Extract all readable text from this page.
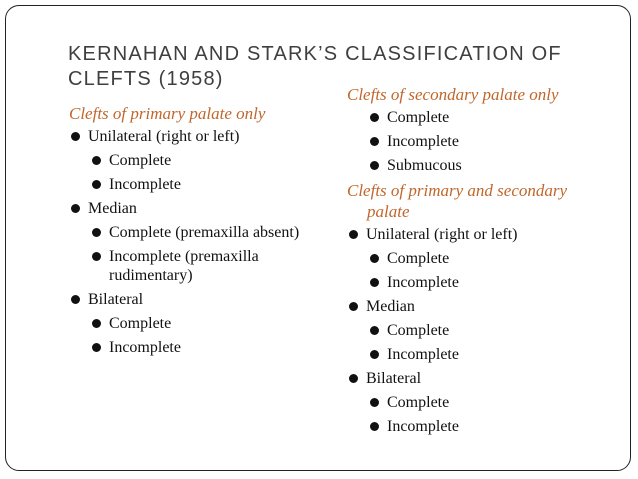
KERNAHAN AND STARK’S CLASSIFICATION OF CLEFTS (1958)
Clefts of primary palate only
Unilateral (right or left)
Complete
Incomplete
Median
Complete (premaxilla absent)
Incomplete (premaxilla rudimentary)
Bilateral
Complete
Incomplete
Clefts of secondary palate only
Complete
Incomplete
Submucous
Clefts of primary and secondary palate
Unilateral (right or left)
Complete
Incomplete
Median
Complete
Incomplete
Bilateral
Complete
Incomplete
